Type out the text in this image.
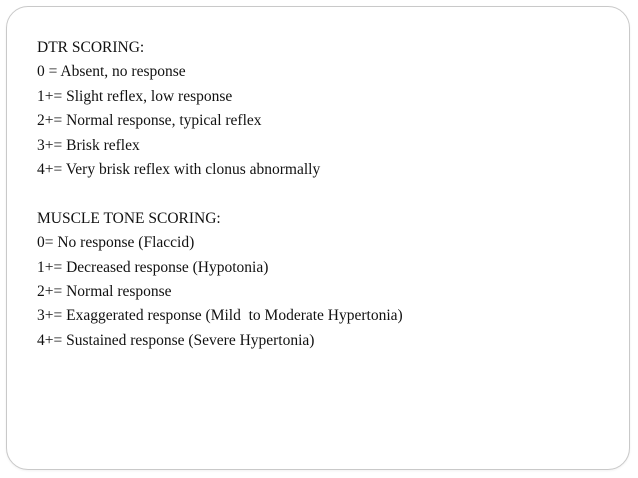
DTR SCORING:
0 = Absent, no response
1+= Slight reflex, low response
2+= Normal response, typical reflex
3+= Brisk reflex
4+= Very brisk reflex with clonus abnormally
MUSCLE TONE SCORING:
0= No response (Flaccid)
1+= Decreased response (Hypotonia)
2+= Normal response
3+= Exaggerated response (Mild  to Moderate Hypertonia)
4+= Sustained response (Severe Hypertonia)
